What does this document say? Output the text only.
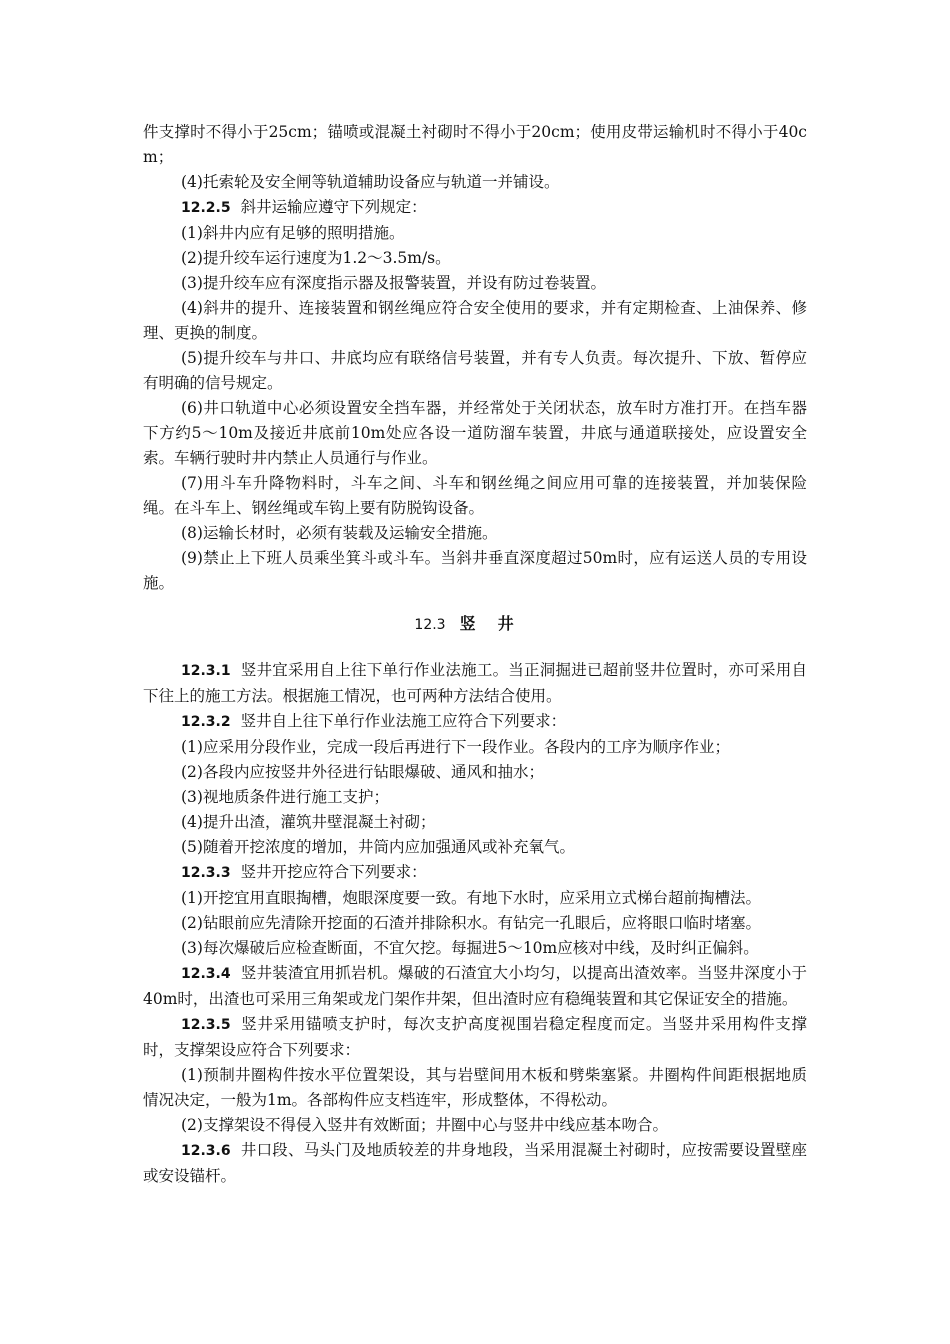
件支撑时不得小于25cm；锚喷或混凝土衬砌时不得小于20cm；使用皮带运输机时不得小于40cm；

(4)托索轮及安全闸等轨道辅助设备应与轨道一并铺设。

12.2.5 斜井运输应遵守下列规定：

(1)斜井内应有足够的照明措施。

(2)提升绞车运行速度为1.2～3.5m/s。

(3)提升绞车应有深度指示器及报警装置，并设有防过卷装置。

(4)斜井的提升、连接装置和钢丝绳应符合安全使用的要求，并有定期检查、上油保养、修理、更换的制度。

(5)提升绞车与井口、井底均应有联络信号装置，并有专人负责。每次提升、下放、暂停应有明确的信号规定。

(6)井口轨道中心必须设置安全挡车器，并经常处于关闭状态，放车时方准打开。在挡车器下方约5～10m及接近井底前10m处应各设一道防溜车装置，井底与通道联接处，应设置安全索。车辆行驶时井内禁止人员通行与作业。

(7)用斗车升降物料时，斗车之间、斗车和钢丝绳之间应用可靠的连接装置，并加装保险绳。在斗车上、钢丝绳或车钩上要有防脱钩设备。

(8)运输长材时，必须有装载及运输安全措施。

(9)禁止上下班人员乘坐箕斗或斗车。当斜井垂直深度超过50m时，应有运送人员的专用设施。

12.3 竖井

12.3.1 竖井宜采用自上往下单行作业法施工。当正洞掘进已超前竖井位置时，亦可采用自下往上的施工方法。根据施工情况，也可两种方法结合使用。

12.3.2 竖井自上往下单行作业法施工应符合下列要求：

(1)应采用分段作业，完成一段后再进行下一段作业。各段内的工序为顺序作业；

(2)各段内应按竖井外径进行钻眼爆破、通风和抽水；

(3)视地质条件进行施工支护；

(4)提升出渣，灌筑井壁混凝土衬砌；

(5)随着开挖浓度的增加，井筒内应加强通风或补充氧气。

12.3.3 竖井开挖应符合下列要求：

(1)开挖宜用直眼掏槽，炮眼深度要一致。有地下水时，应采用立式梯台超前掏槽法。

(2)钻眼前应先清除开挖面的石渣并排除积水。有钻完一孔眼后，应将眼口临时堵塞。

(3)每次爆破后应检查断面，不宜欠挖。每掘进5～10m应核对中线，及时纠正偏斜。

12.3.4 竖井装渣宜用抓岩机。爆破的石渣宜大小均匀，以提高出渣效率。当竖井深度小于40m时，出渣也可采用三角架或龙门架作井架，但出渣时应有稳绳装置和其它保证安全的措施。

12.3.5 竖井采用锚喷支护时，每次支护高度视围岩稳定程度而定。当竖井采用构件支撑时，支撑架设应符合下列要求：

(1)预制井圈构件按水平位置架设，其与岩壁间用木板和劈柴塞紧。井圈构件间距根据地质情况决定，一般为1m。各部构件应支档连牢，形成整体，不得松动。

(2)支撑架设不得侵入竖井有效断面；井圈中心与竖井中线应基本吻合。

12.3.6 井口段、马头门及地质较差的井身地段，当采用混凝土衬砌时，应按需要设置壁座或安设锚杆。
